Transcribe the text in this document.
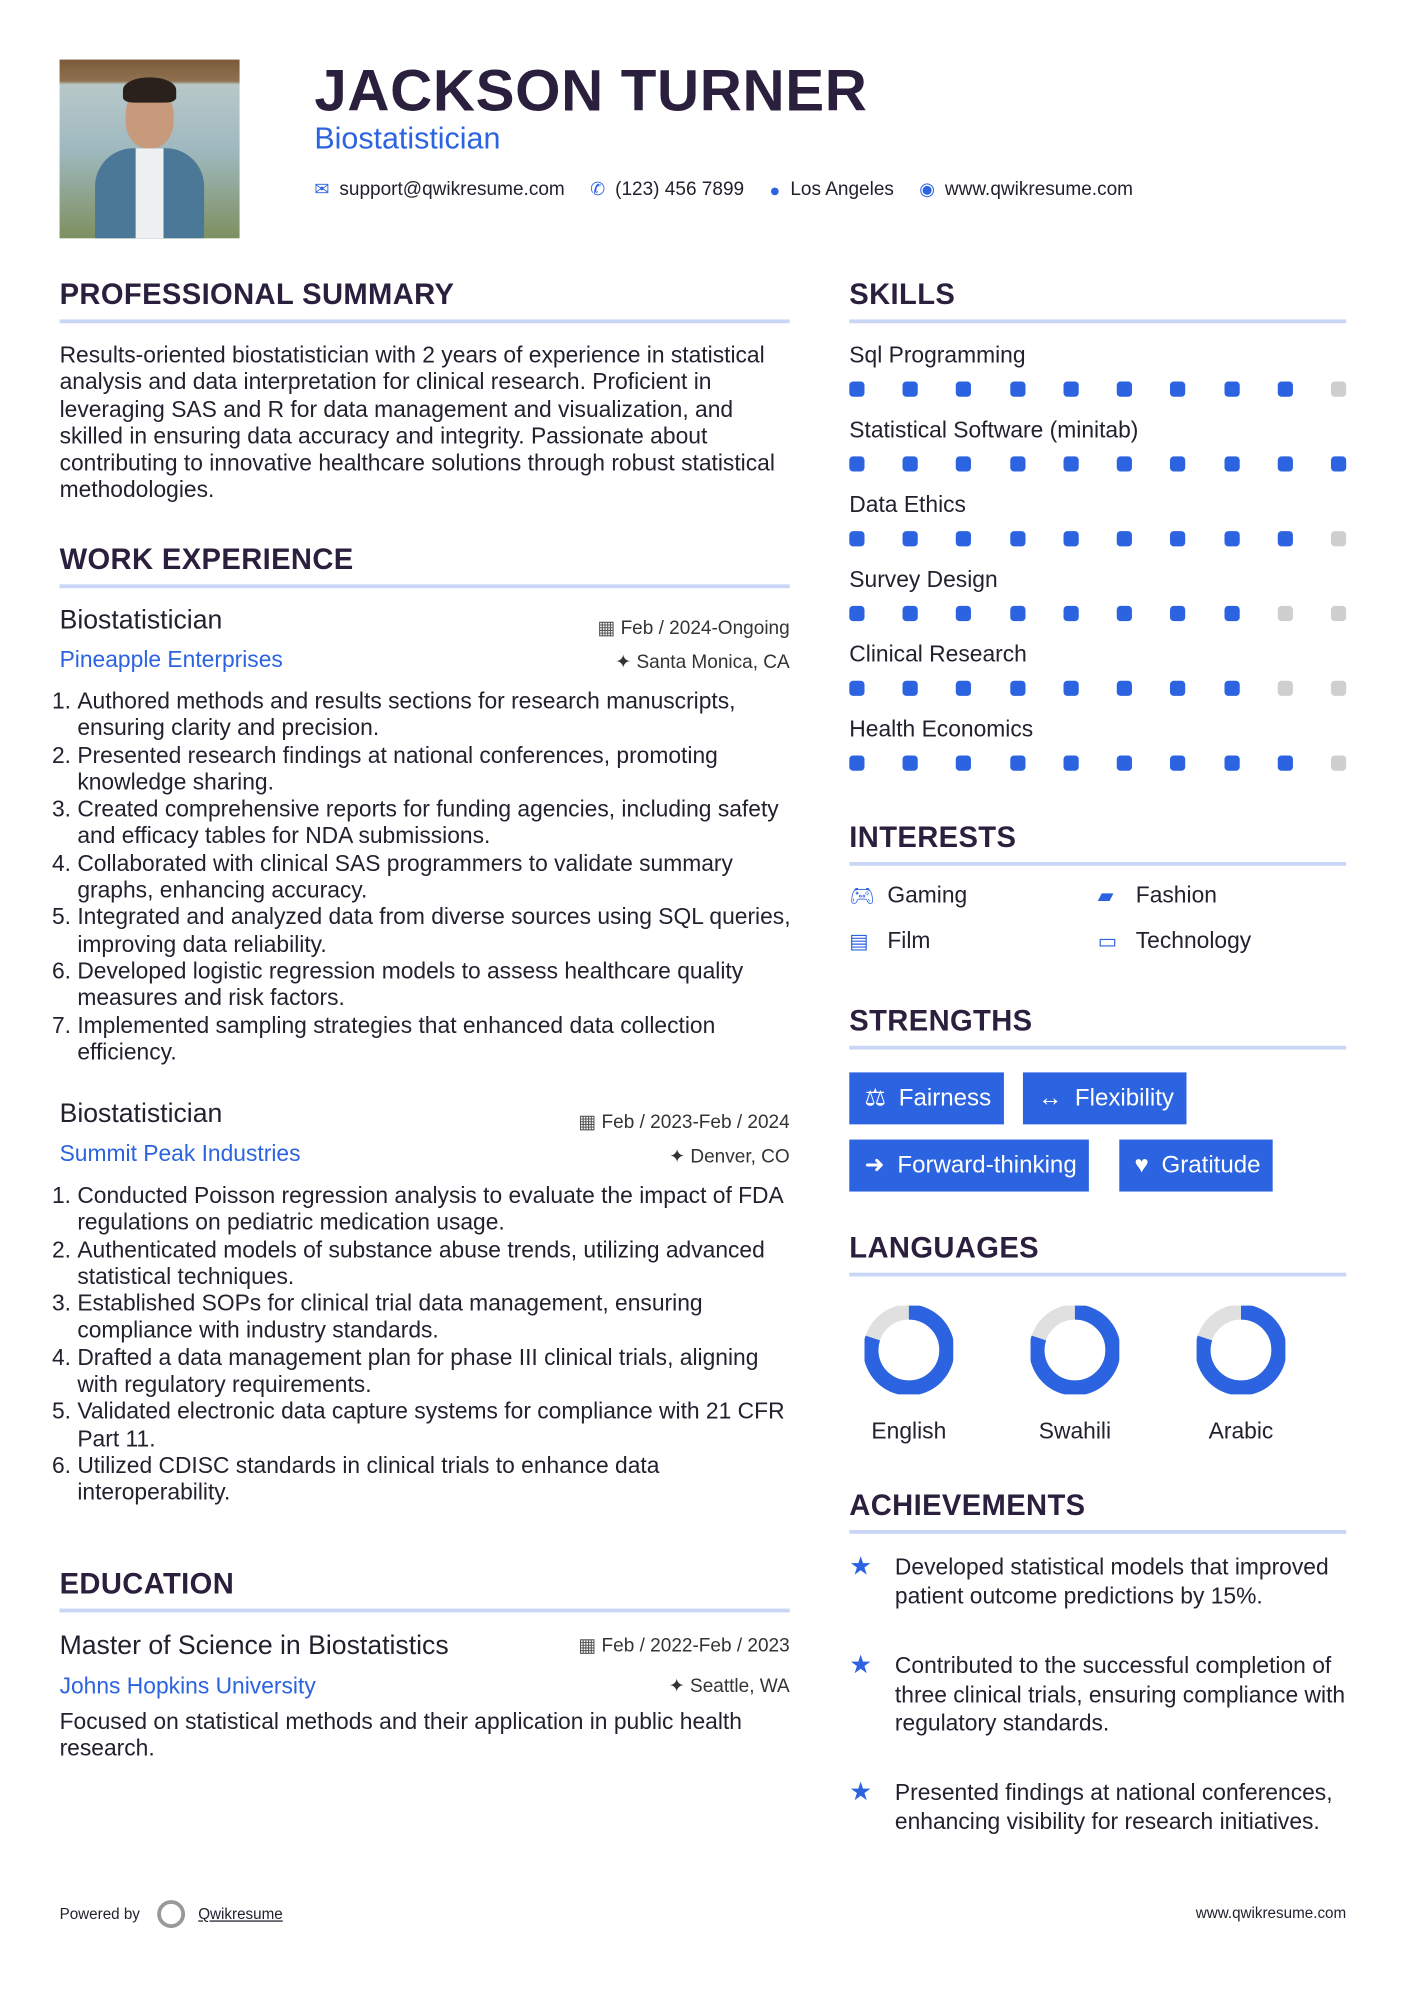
JACKSON TURNER
Biostatistician
✉ support@qwikresume.com ✆ (123) 456 7899 ● Los Angeles ◉ www.qwikresume.com
PROFESSIONAL SUMMARY
Results-oriented biostatistician with 2 years of experience in statistical analysis and data interpretation for clinical research. Proficient in leveraging SAS and R for data management and visualization, and skilled in ensuring data accuracy and integrity. Passionate about contributing to innovative healthcare solutions through robust statistical methodologies.
WORK EXPERIENCE
Biostatistician	▦ Feb / 2024-Ongoing
Pineapple Enterprises	✦ Santa Monica, CA
1. Authored methods and results sections for research manuscripts, ensuring clarity and precision.
2. Presented research findings at national conferences, promoting knowledge sharing.
3. Created comprehensive reports for funding agencies, including safety and efficacy tables for NDA submissions.
4. Collaborated with clinical SAS programmers to validate summary graphs, enhancing accuracy.
5. Integrated and analyzed data from diverse sources using SQL queries, improving data reliability.
6. Developed logistic regression models to assess healthcare quality measures and risk factors.
7. Implemented sampling strategies that enhanced data collection efficiency.
Biostatistician	▦ Feb / 2023-Feb / 2024
Summit Peak Industries	✦ Denver, CO
1. Conducted Poisson regression analysis to evaluate the impact of FDA regulations on pediatric medication usage.
2. Authenticated models of substance abuse trends, utilizing advanced statistical techniques.
3. Established SOPs for clinical trial data management, ensuring compliance with industry standards.
4. Drafted a data management plan for phase III clinical trials, aligning with regulatory requirements.
5. Validated electronic data capture systems for compliance with 21 CFR Part 11.
6. Utilized CDISC standards in clinical trials to enhance data interoperability.
EDUCATION
Master of Science in Biostatistics	▦ Feb / 2022-Feb / 2023
Johns Hopkins University	✦ Seattle, WA
Focused on statistical methods and their application in public health research.
SKILLS
Sql Programming
Statistical Software (minitab)
Data Ethics
Survey Design
Clinical Research
Health Economics
INTERESTS
🎮︎ Gaming	▰	Fashion
▤	Film	▭	Technology
STRENGTHS
⚖ Fairness ↔ Flexibility
➜ Forward-thinking	♥ Gratitude
LANGUAGES
English	Swahili	Arabic
ACHIEVEMENTS
★	Developed statistical models that improved patient outcome predictions by 15%.
★	Contributed to the successful completion of three clinical trials, ensuring compliance with regulatory standards.
★	Presented findings at national conferences, enhancing visibility for research initiatives.
Powered by	Qwikresume	www.qwikresume.com
